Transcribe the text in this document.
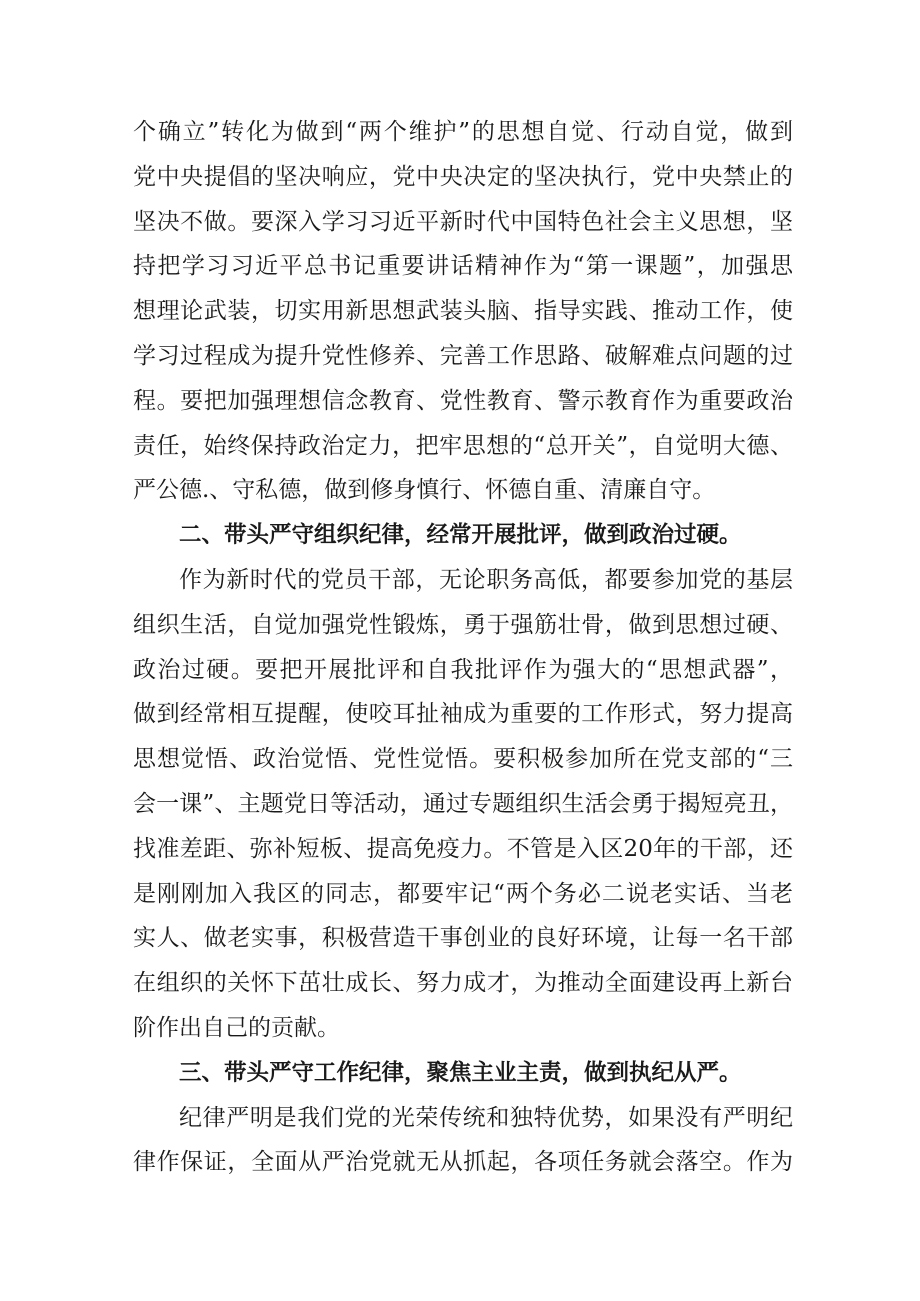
个确立”转化为做到“两个维护”的思想自觉、行动自觉，做到
党中央提倡的坚决响应，党中央决定的坚决执行，党中央禁止的
坚决不做。要深入学习习近平新时代中国特色社会主义思想，坚
持把学习习近平总书记重要讲话精神作为“第一课题”，加强思
想理论武装，切实用新思想武装头脑、指导实践、推动工作，使
学习过程成为提升党性修养、完善工作思路、破解难点问题的过
程。要把加强理想信念教育、党性教育、警示教育作为重要政治
责任，始终保持政治定力，把牢思想的“总开关”，自觉明大德、
严公德.、守私德，做到修身慎行、怀德自重、清廉自守。
二、带头严守组织纪律，经常开展批评，做到政治过硬。
作为新时代的党员干部，无论职务高低，都要参加党的基层
组织生活，自觉加强党性锻炼，勇于强筋壮骨，做到思想过硬、
政治过硬。要把开展批评和自我批评作为强大的“思想武器”，
做到经常相互提醒，使咬耳扯袖成为重要的工作形式，努力提高
思想觉悟、政治觉悟、党性觉悟。要积极参加所在党支部的“三
会一课”、主题党日等活动，通过专题组织生活会勇于揭短亮丑，
找准差距、弥补短板、提高免疫力。不管是入区20年的干部，还
是刚刚加入我区的同志，都要牢记“两个务必二说老实话、当老
实人、做老实事，积极营造干事创业的良好环境，让每一名干部
在组织的关怀下茁壮成长、努力成才，为推动全面建设再上新台
阶作出自己的贡献。
三、带头严守工作纪律，聚焦主业主责，做到执纪从严。
纪律严明是我们党的光荣传统和独特优势，如果没有严明纪
律作保证，全面从严治党就无从抓起，各项任务就会落空。作为
